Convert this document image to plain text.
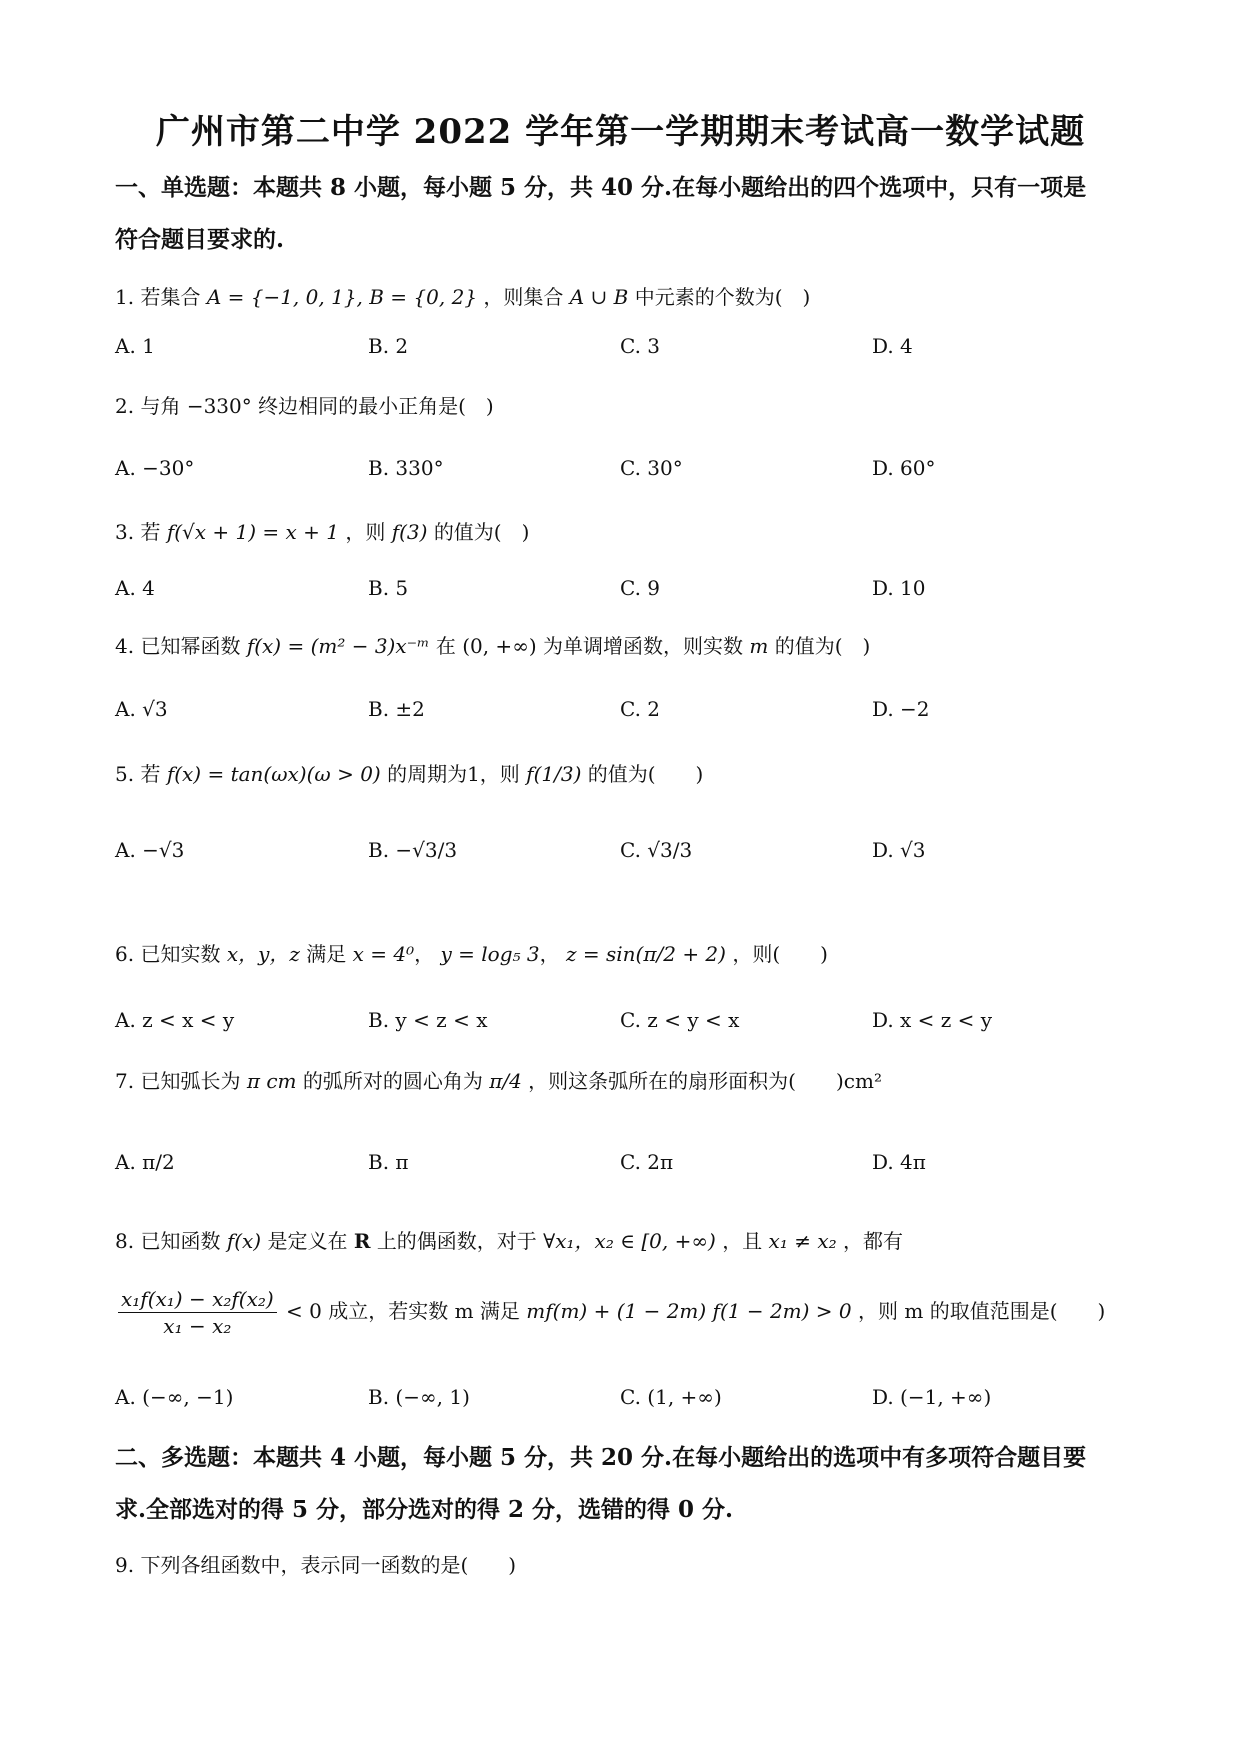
广州市第二中学 2022 学年第一学期期末考试高一数学试题
一、单选题：本题共 8 小题，每小题 5 分，共 40 分.在每小题给出的四个选项中，只有一项是
符合题目要求的.
1. 若集合 A = {−1, 0, 1}, B = {0, 2} ，则集合 A ∪ B 中元素的个数为(　)
A. 1	B. 2	C. 3	D. 4
2. 与角 −330° 终边相同的最小正角是(　)
A. −30°	B. 330°	C. 30°	D. 60°
3. 若 f(√x + 1) = x + 1 ，则 f(3) 的值为(　)
A. 4	B. 5	C. 9	D. 10
4. 已知幂函数 f(x) = (m² − 3)x⁻ᵐ 在 (0, +∞) 为单调增函数，则实数 m 的值为(　)
A. √3	B. ±2	C. 2	D. −2
5. 若 f(x) = tan(ωx)(ω > 0) 的周期为1，则 f(1/3) 的值为(　　)
A. −√3	B. −√3/3	C. √3/3	D. √3
6. 已知实数 x，y，z 满足 x = 4⁰， y = log₅ 3， z = sin(π/2 + 2) ，则(　　)
A. z < x < y	B. y < z < x	C. z < y < x	D. x < z < y
7. 已知弧长为 π cm 的弧所对的圆心角为 π/4 ，则这条弧所在的扇形面积为(　　)cm²
A. π/2	B. π	C. 2π	D. 4π
8. 已知函数 f(x) 是定义在 R 上的偶函数，对于 ∀x₁，x₂ ∈ [0, +∞) ，且 x₁ ≠ x₂ ，都有
$\frac{\text{x₁f(x₁) − x₂f(x₂)}}{\text{x₁ − x₂}} < 0$ 成立，若实数 m 满足 mf(m) + (1 − 2m) f(1 − 2m) > 0 ，则 m 的取值范围是(　　)
A. (−∞, −1)	B. (−∞, 1)	C. (1, +∞)	D. (−1, +∞)
二、多选题：本题共 4 小题，每小题 5 分，共 20 分.在每小题给出的选项中有多项符合题目要
求.全部选对的得 5 分，部分选对的得 2 分，选错的得 0 分.
9. 下列各组函数中，表示同一函数的是(　　)
